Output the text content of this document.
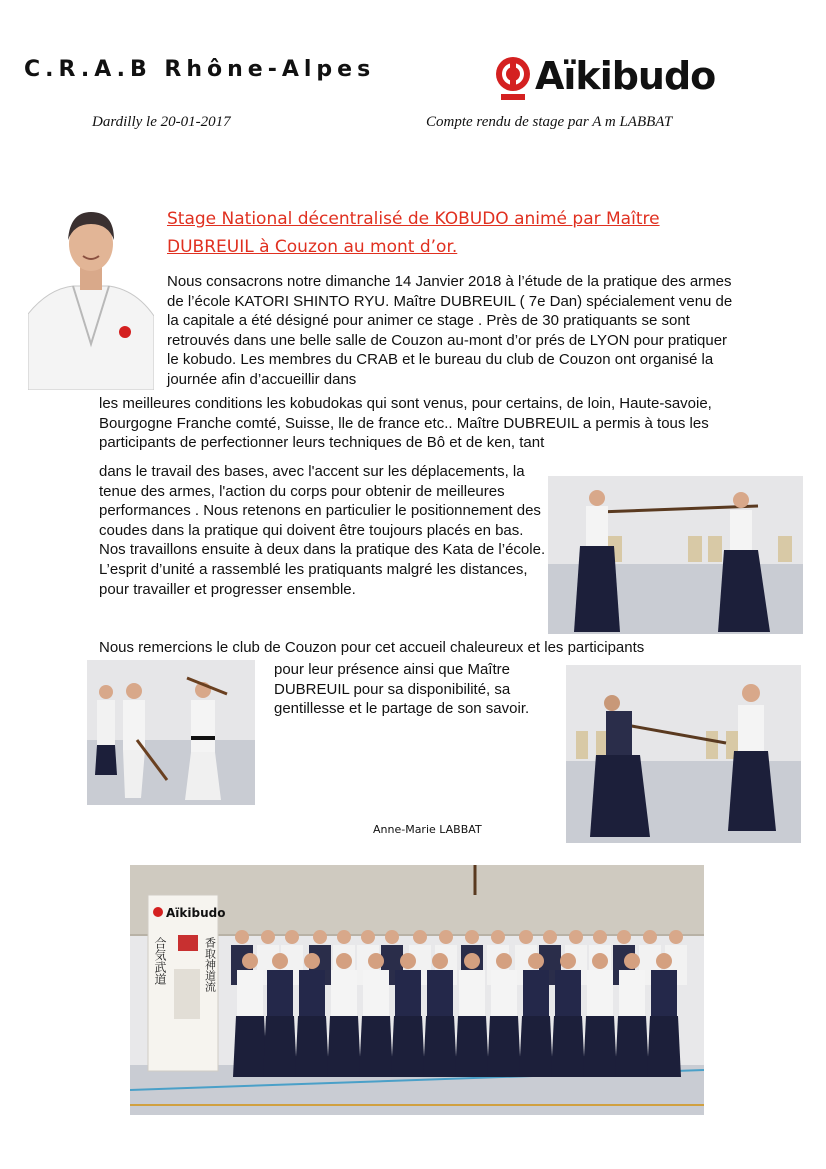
C.R.A.B Rhône-Alpes	Aïkibudo
Dardilly le 20-01-2017	Compte rendu de stage par A m LABBAT
Stage National décentralisé de KOBUDO animé par Maître
DUBREUIL à Couzon au mont d’or.
Nous consacrons notre dimanche 14 Janvier 2018 à l’étude de la pratique des armes de l’école KATORI SHINTO RYU. Maître DUBREUIL ( 7e Dan) spécialement venu de la capitale a été désigné pour animer ce stage . Près de 30 pratiquants se sont retrouvés dans une belle salle de Couzon au-mont d’or prés de LYON pour pratiquer le kobudo. Les membres du CRAB et le bureau du club de Couzon ont organisé la journée afin d’accueillir dans
les meilleures conditions les kobudokas qui sont venus, pour certains, de loin, Haute-savoie, Bourgogne Franche comté, Suisse, lle de france etc.. Maître DUBREUIL a permis à tous les participants de perfectionner leurs techniques de Bô et de ken, tant
dans le travail des bases, avec l'accent sur les déplacements, la tenue des armes, l'action du corps pour obtenir de meilleures performances . Nous retenons en particulier le positionnement des coudes dans la pratique qui doivent être toujours placés en bas. Nos travaillons ensuite à deux dans la pratique des Kata de l’école. L’esprit d’unité a rassemblé les pratiquants malgré les distances, pour travailler et progresser ensemble.
Nous remercions le club de Couzon pour cet accueil chaleureux et les participants
pour leur présence ainsi que Maître DUBREUIL pour sa disponibilité, sa gentillesse et le partage de son savoir.
Anne-Marie LABBAT
Aïkibudo
合気武道	香取神道流
